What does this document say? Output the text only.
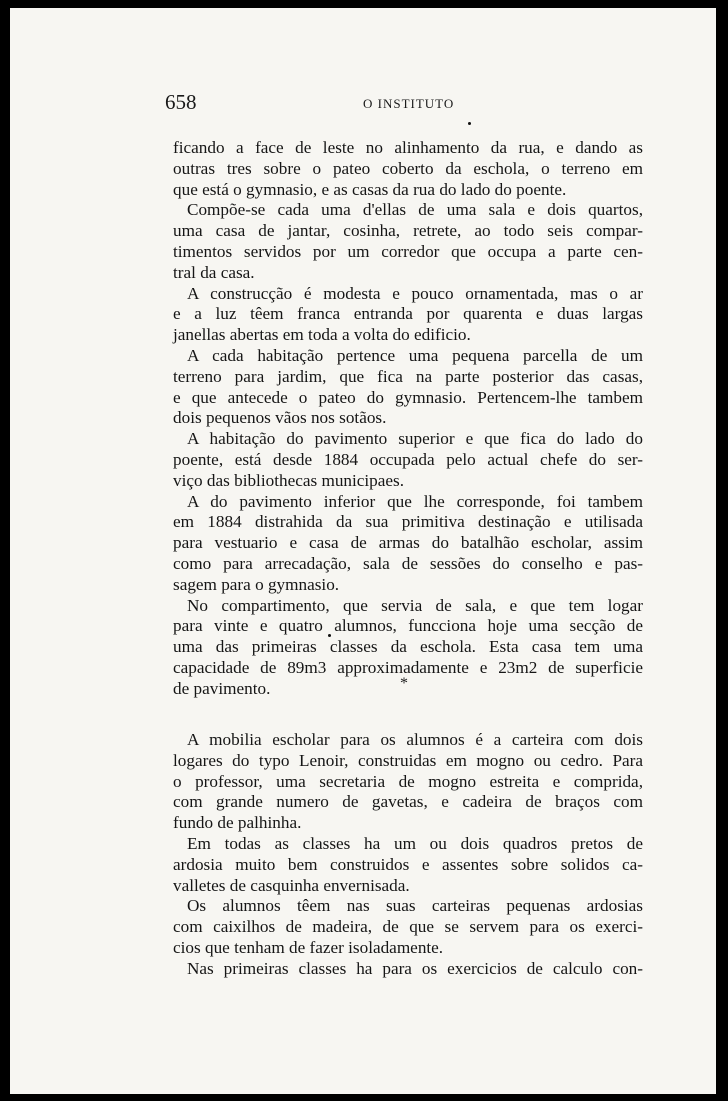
658	O INSTITUTO
ficando a face de leste no alinhamento da rua, e dando as
outras tres sobre o pateo coberto da eschola, o terreno em
que está o gymnasio, e as casas da rua do lado do poente.
Compõe-se cada uma d'ellas de uma sala e dois quartos,
uma casa de jantar, cosinha, retrete, ao todo seis compar-
timentos servidos por um corredor que occupa a parte cen-
tral da casa.
A construcção é modesta e pouco ornamentada, mas o ar
e a luz têem franca entranda por quarenta e duas largas
janellas abertas em toda a volta do edificio.
A cada habitação pertence uma pequena parcella de um
terreno para jardim, que fica na parte posterior das casas,
e que antecede o pateo do gymnasio. Pertencem-lhe tambem
dois pequenos vãos nos sotãos.
A habitação do pavimento superior e que fica do lado do
poente, está desde 1884 occupada pelo actual chefe do ser-
viço das bibliothecas municipaes.
A do pavimento inferior que lhe corresponde, foi tambem
em 1884 distrahida da sua primitiva destinação e utilisada
para vestuario e casa de armas do batalhão escholar, assim
como para arrecadação, sala de sessões do conselho e pas-
sagem para o gymnasio.
No compartimento, que servia de sala, e que tem logar
para vinte e quatro alumnos, funcciona hoje uma secção de
uma das primeiras classes da eschola. Esta casa tem uma
capacidade de 89m3 approximadamente e 23m2 de superficie
de pavimento.	*
A mobilia escholar para os alumnos é a carteira com dois
logares do typo Lenoir, construidas em mogno ou cedro. Para
o professor, uma secretaria de mogno estreita e comprida,
com grande numero de gavetas, e cadeira de braços com
fundo de palhinha.
Em todas as classes ha um ou dois quadros pretos de
ardosia muito bem construidos e assentes sobre solidos ca-
valletes de casquinha envernisada.
Os alumnos têem nas suas carteiras pequenas ardosias
com caixilhos de madeira, de que se servem para os exerci-
cios que tenham de fazer isoladamente.
Nas primeiras classes ha para os exercicios de calculo con-
